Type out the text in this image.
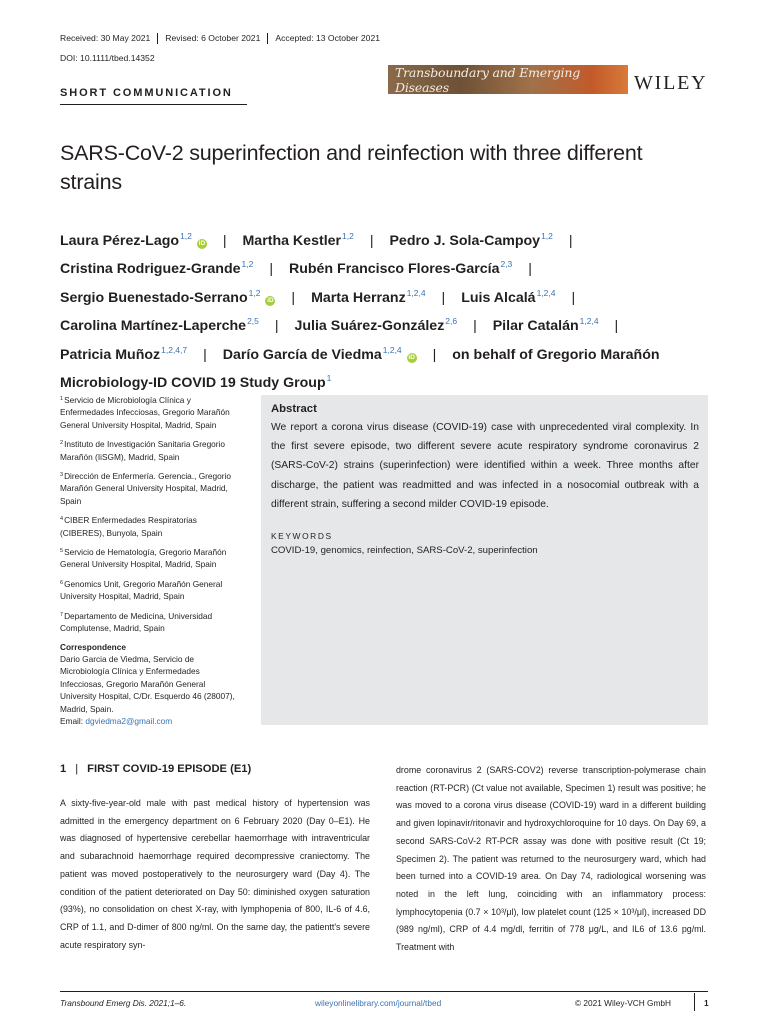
Received: 30 May 2021	Revised: 6 October 2021	Accepted: 13 October 2021
DOI: 10.1111/tbed.14352
Transboundary and Emerging Diseases	WILEY
SHORT COMMUNICATION
SARS-CoV-2 superinfection and reinfection with three different strains
Laura Pérez-Lago$^{1,2}$iD | Martha Kestler$^{1,2}$ | Pedro J. Sola-Campoy$^{1,2}$ | Cristina Rodriguez-Grande$^{1,2}$ | Rubén Francisco Flores-García$^{2,3}$ | Sergio Buenestado-Serrano$^{1,2}$iD | Marta Herranz$^{1,2,4}$ | Luis Alcalá$^{1,2,4}$ | Carolina Martínez-Laperche$^{2,5}$ | Julia Suárez-González$^{2,6}$ | Pilar Catalán$^{1,2,4}$ | Patricia Muñoz$^{1,2,4,7}$ | Darío García de Viedma$^{1,2,4}$iD | on behalf of Gregorio Marañón Microbiology-ID COVID 19 Study Group$^1$
$^1$Servicio de Microbiología Clínica y Enfermedades Infecciosas, Gregorio Marañón General University Hospital, Madrid, Spain
$^2$Instituto de Investigación Sanitaria Gregorio Marañón (IiSGM), Madrid, Spain
$^3$Dirección de Enfermería. Gerencia., Gregorio Marañón General University Hospital, Madrid, Spain
$^4$CIBER Enfermedades Respiratorias (CIBERES), Bunyola, Spain
$^5$Servicio de Hematología, Gregorio Marañón General University Hospital, Madrid, Spain
$^6$Genomics Unit, Gregorio Marañón General University Hospital, Madrid, Spain
$^7$Departamento de Medicina, Universidad Complutense, Madrid, Spain
Correspondence
Dario Garcia de Viedma, Servicio de Microbiología Clínica y Enfermedades Infecciosas, Gregorio Marañón General University Hospital, C/Dr. Esquerdo 46 (28007), Madrid, Spain.
Email: dgviedma2@gmail.com
Abstract
We report a corona virus disease (COVID-19) case with unprecedented viral complexity. In the first severe episode, two different severe acute respiratory syndrome coronavirus 2 (SARS-CoV-2) strains (superinfection) were identified within a week. Three months after discharge, the patient was readmitted and was infected in a nosocomial outbreak with a different strain, suffering a second milder COVID-19 episode.
KEYWORDS
COVID-19, genomics, reinfection, SARS-CoV-2, superinfection
1 | FIRST COVID-19 EPISODE (E1)

A sixty-five-year-old male with past medical history of hypertension was admitted in the emergency department on 6 February 2020 (Day 0–E1). He was diagnosed of hypertensive cerebellar haemorrhage with intraventricular and subarachnoid haemorrhage required decompressive craniectomy. The patient was moved postoperatively to the neurosurgery ward (Day 4). The condition of the patient deteriorated on Day 50: diminished oxygen saturation (93%), no consolidation on chest X-ray, with lymphopenia of 800, IL-6 of 4.6, CRP of 1.1, and D-dimer of 800 ng/ml. On the same day, the patientt's severe acute respiratory syn-

drome coronavirus 2 (SARS-COV2) reverse transcription-polymerase chain reaction (RT-PCR) (Ct value not available, Specimen 1) result was positive; he was moved to a corona virus disease (COVID-19) ward in a different building and given lopinavir/ritonavir and hydroxychloroquine for 10 days. On Day 69, a second SARS-CoV-2 RT-PCR assay was done with positive result (Ct 19; Specimen 2). The patient was returned to the neurosurgery ward, which had been turned into a COVID-19 area. On Day 74, radiological worsening was noted in the left lung, coinciding with an inflammatory process: lymphocytopenia (0.7 × 10³/μl), low platelet count (125 × 10³/μl), increased DD (989 ng/ml), CRP of 4.4 mg/dl, ferritin of 778 μg/L, and IL6 of 13.6 pg/ml. Treatment with

Transbound Emerg Dis. 2021;1–6.	wileyonlinelibrary.com/journal/tbed	© 2021 Wiley-VCH GmbH	1
